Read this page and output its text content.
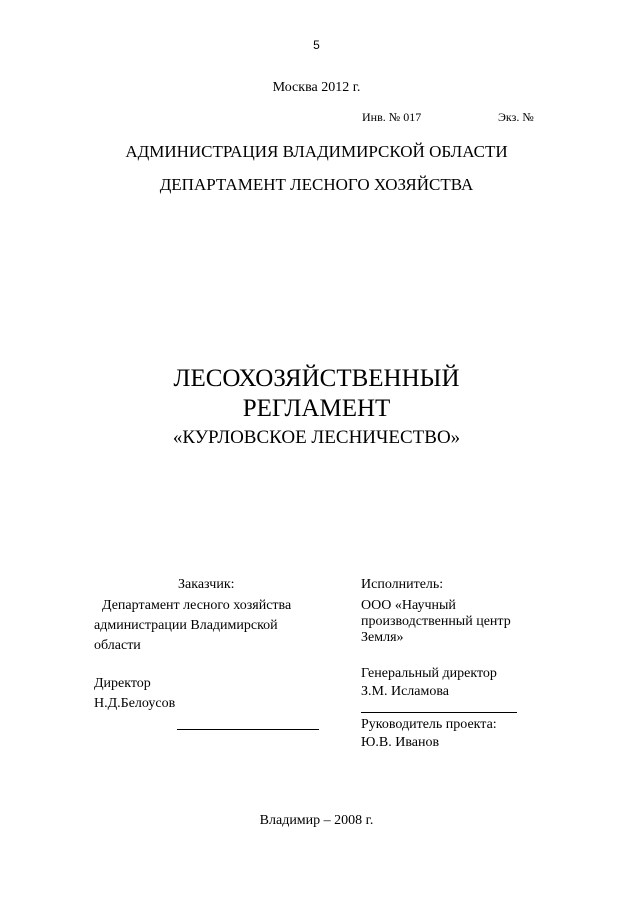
5
Москва 2012 г.
Инв. № 017	Экз. №
АДМИНИСТРАЦИЯ ВЛАДИМИРСКОЙ ОБЛАСТИ
ДЕПАРТАМЕНТ ЛЕСНОГО ХОЗЯЙСТВА
ЛЕСОХОЗЯЙСТВЕННЫЙ
РЕГЛАМЕНТ
«КУРЛОВСКОЕ ЛЕСНИЧЕСТВО»
Заказчик:
Департамент лесного хозяйства
администрации Владимирской
области
Директор
Н.Д.Белоусов
Исполнитель:
ООО «Научный
производственный центр
Земля»
Генеральный директор
З.М. Исламова
Руководитель проекта:
Ю.В. Иванов
Владимир – 2008 г.
